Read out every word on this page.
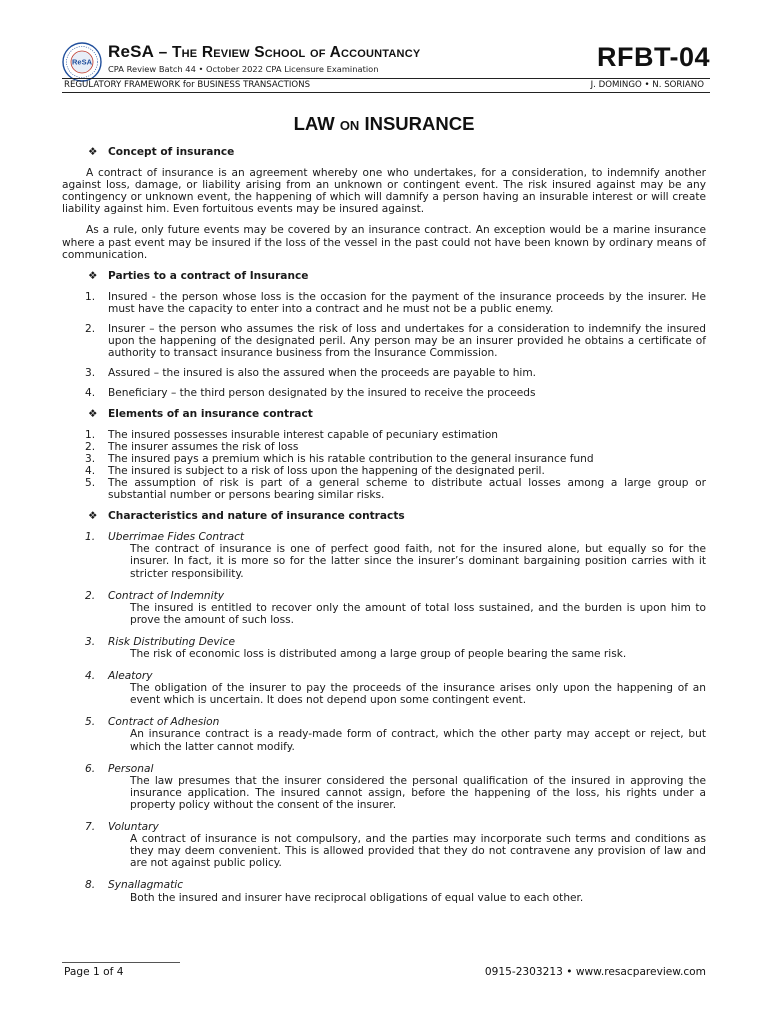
ReSA
ReSA – The Review School of Accountancy
CPA Review Batch 44 • October 2022 CPA Licensure Examination	RFBT-04
REGULATORY FRAMEWORK for BUSINESS TRANSACTIONS	J. DOMINGO • N. SORIANO
LAW ON INSURANCE
❖ Concept of insurance

A contract of insurance is an agreement whereby one who undertakes, for a consideration, to indemnify another against loss, damage, or liability arising from an unknown or contingent event. The risk insured against may be any contingency or unknown event, the happening of which will damnify a person having an insurable interest or will create liability against him. Even fortuitous events may be insured against.

As a rule, only future events may be covered by an insurance contract. An exception would be a marine insurance where a past event may be insured if the loss of the vessel in the past could not have been known by ordinary means of communication.

❖ Parties to a contract of Insurance
1. Insured - the person whose loss is the occasion for the payment of the insurance proceeds by the insurer. He must have the capacity to enter into a contract and he must not be a public enemy.
2. Insurer – the person who assumes the risk of loss and undertakes for a consideration to indemnify the insured upon the happening of the designated peril. Any person may be an insurer provided he obtains a certificate of authority to transact insurance business from the Insurance Commission.
3. Assured – the insured is also the assured when the proceeds are payable to him.
4. Beneficiary – the third person designated by the insured to receive the proceeds
❖ Elements of an insurance contract
1. The insured possesses insurable interest capable of pecuniary estimation
2. The insurer assumes the risk of loss
3. The insured pays a premium which is his ratable contribution to the general insurance fund
4. The insured is subject to a risk of loss upon the happening of the designated peril.
5. The assumption of risk is part of a general scheme to distribute actual losses among a large group or substantial number or persons bearing similar risks.
❖ Characteristics and nature of insurance contracts
1. Uberrimae Fides Contract
The contract of insurance is one of perfect good faith, not for the insured alone, but equally so for the insurer. In fact, it is more so for the latter since the insurer’s dominant bargaining position carries with it stricter responsibility.
2. Contract of Indemnity
The insured is entitled to recover only the amount of total loss sustained, and the burden is upon him to prove the amount of such loss.
3. Risk Distributing Device
The risk of economic loss is distributed among a large group of people bearing the same risk.
4. Aleatory
The obligation of the insurer to pay the proceeds of the insurance arises only upon the happening of an event which is uncertain. It does not depend upon some contingent event.
5. Contract of Adhesion
An insurance contract is a ready-made form of contract, which the other party may accept or reject, but which the latter cannot modify.
6. Personal
The law presumes that the insurer considered the personal qualification of the insured in approving the insurance application. The insured cannot assign, before the happening of the loss, his rights under a property policy without the consent of the insurer.
7. Voluntary
A contract of insurance is not compulsory, and the parties may incorporate such terms and conditions as they may deem convenient. This is allowed provided that they do not contravene any provision of law and are not against public policy.
8. Synallagmatic
Both the insured and insurer have reciprocal obligations of equal value to each other.
Page 1 of 4	0915-2303213 • www.resacpareview.com
